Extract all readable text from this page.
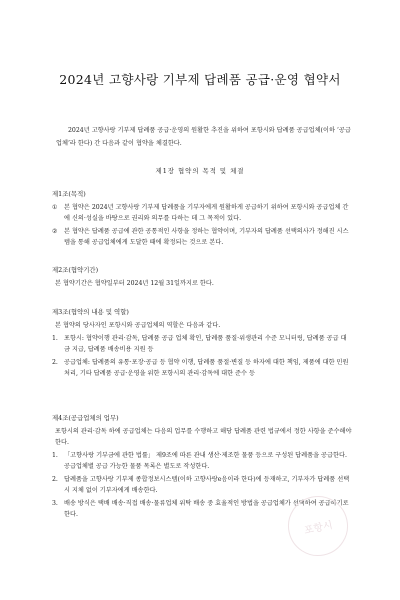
2024년 고향사랑 기부제 답례품 공급·운영 협약서
2024년 고향사랑 기부제 답례품 공급·운영의 원활한 추진을 위하여 포항시와 답례품 공급업체(이하 ‘공급업체’라 한다) 간 다음과 같이 협약을 체결한다.
제1장 협약의 목적 및 체결
제1조(목적)
① 본 협약은 2024년 고향사랑 기부제 답례품을 기부자에게 원활하게 공급하기 위하여 포항시와 공급업체 간에 신의·성실을 바탕으로 권리와 의무를 다하는 데 그 목적이 있다.
② 본 협약은 답례품 공급에 관한 공통적인 사항을 정하는 협약이며, 기부자의 답례품 선택의사가 정해진 시스템을 통해 공급업체에게 도달한 때에 확정되는 것으로 본다.
제2조(협약기간)
본 협약기간은 협약일부터 2024년 12월 31일까지로 한다.
제3조(협약의 내용 및 역할)
본 협약의 당사자인 포항시와 공급업체의 역할은 다음과 같다.
1. 포항시: 협약이행 관리·감독, 답례품 공급 업체 확인, 답례품 품질·위생관리 수준 모니터링, 답례품 공급 대금 지급, 답례품 배송비용 지원 등
2. 공급업체: 답례품의 유통·포장·공급 등 협약 이행, 답례품 품절·변질 등 하자에 대한 책임, 제품에 대한 민원 처리, 기타 답례품 공급·운영을 위한 포항시의 관리·감독에 대한 준수 등
제4조(공급업체의 업무)
포항시의 관리·감독 하에 공급업체는 다음의 업무를 수행하고 해당 답례품 관련 법규에서 정한 사항을 준수해야 한다.
1. 「고향사랑 기부금에 관한 법률」 제9조에 따른 관내 생산·제조한 물품 등으로 구성된 답례품을 공급한다. 공급업체별 공급 가능한 물품 목록은 별도로 작성한다.
2. 답례품을 고향사랑 기부제 종합정보시스템(이하 고향사랑e음이라 한다)에 등재하고, 기부자가 답례품 선택 시 지체 없이 기부자에게 배송한다.
3. 배송 방식은 택배 배송·직접 배송·물류업체 위탁 배송 중 효율적인 방법을 공급업체가 선택하여 공급하기로 한다.
포항시
